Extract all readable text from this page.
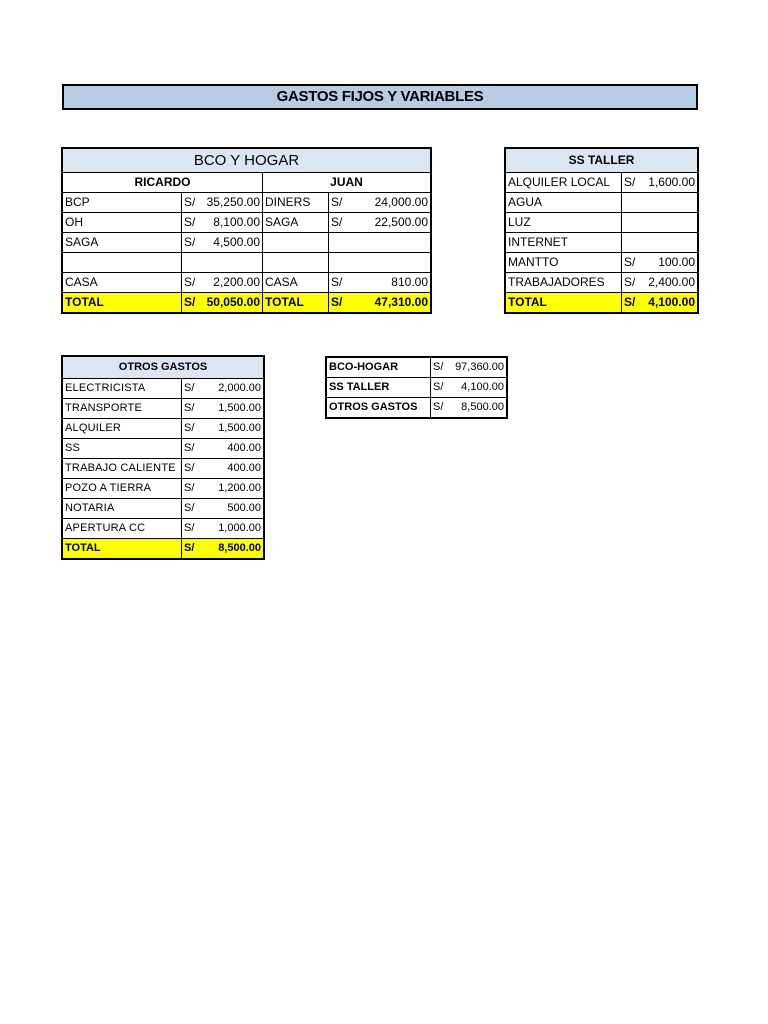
GASTOS FIJOS Y VARIABLES
BCO Y HOGAR			
RICARDO		JUAN	
BCP	S/ 35,250.00	DINERS	S/ 24,000.00

OH	S/ 8,100.00	SAGA	S/ 22,500.00

SAGA	S/ 4,500.00		

CASA	S/ 2,200.00	CASA	S/ 810.00

TOTAL	S/ 50,050.00	TOTAL	S/ 47,310.00
SS TALLER	
ALQUILER LOCAL	S/ 1,600.00

AGUA	
LUZ	
INTERNET	
MANTTO	S/ 100.00

TRABAJADORES	S/ 2,400.00

TOTAL	S/ 4,100.00
OTROS GASTOS	
ELECTRICISTA	S/ 2,000.00

TRANSPORTE	S/ 1,500.00

ALQUILER	S/ 1,500.00

SS	S/ 400.00

TRABAJO CALIENTE	S/ 400.00

POZO A TIERRA	S/ 1,200.00

NOTARIA	S/ 500.00

APERTURA CC	S/ 1,000.00

TOTAL	S/ 8,500.00
BCO-HOGAR	S/ 97,360.00

SS TALLER	S/ 4,100.00

OTROS GASTOS	S/ 8,500.00
